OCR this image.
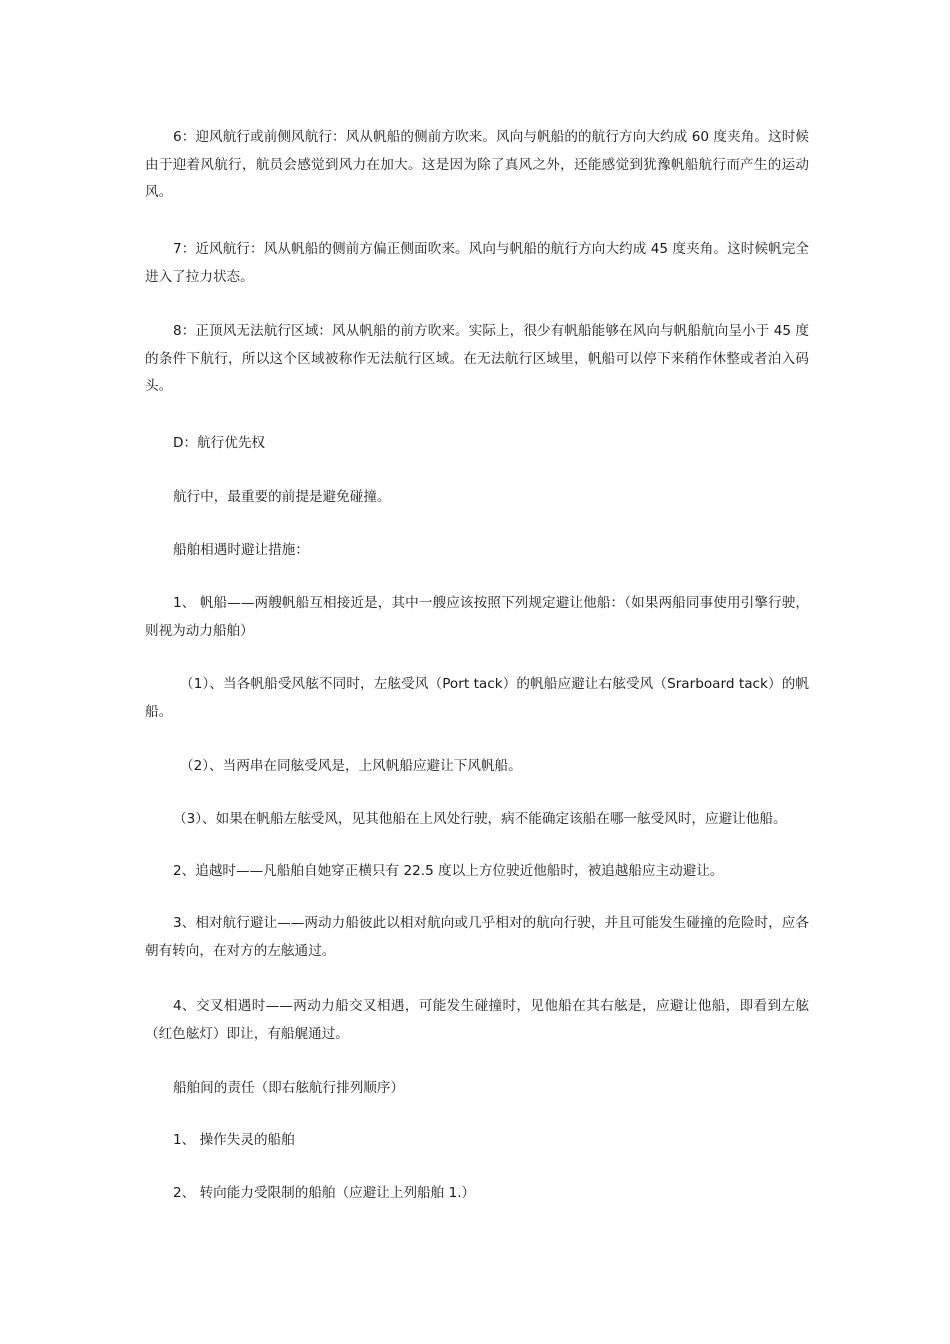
6：迎风航行或前侧风航行：风从帆船的侧前方吹来。风向与帆船的的航行方向大约成 60 度夹角。这时候由于迎着风航行，航员会感觉到风力在加大。这是因为除了真风之外，还能感觉到犹豫帆船航行而产生的运动风。

7：近风航行：风从帆船的侧前方偏正侧面吹来。风向与帆船的航行方向大约成 45 度夹角。这时候帆完全进入了拉力状态。

8：正顶风无法航行区域：风从帆船的前方吹来。实际上，很少有帆船能够在风向与帆船航向呈小于 45 度的条件下航行，所以这个区域被称作无法航行区域。在无法航行区域里，帆船可以停下来稍作休整或者泊入码头。

D：航行优先权

航行中，最重要的前提是避免碰撞。

船舶相遇时避让措施：

1、 帆船——两艘帆船互相接近是，其中一艘应该按照下列规定避让他船：（如果两船同事使用引擎行驶，则视为动力船舶）

（1）、当各帆船受风舷不同时，左舷受风（Port tack）的帆船应避让右舷受风（Srarboard tack）的帆船。

（2）、当两串在同舷受风是，上风帆船应避让下风帆船。

（3）、如果在帆船左舷受风，见其他船在上风处行驶，病不能确定该船在哪一舷受风时，应避让他船。

2、追越时——凡船舶自她穿正横只有 22.5 度以上方位驶近他船时，被追越船应主动避让。

3、相对航行避让——两动力船彼此以相对航向或几乎相对的航向行驶，并且可能发生碰撞的危险时，应各朝有转向，在对方的左舷通过。

4、交叉相遇时——两动力船交叉相遇，可能发生碰撞时，见他船在其右舷是，应避让他船，即看到左舷（红色舷灯）即让，有船艉通过。

船舶间的责任（即右舷航行排列顺序）

1、 操作失灵的船舶

2、 转向能力受限制的船舶（应避让上列船舶 1.）
